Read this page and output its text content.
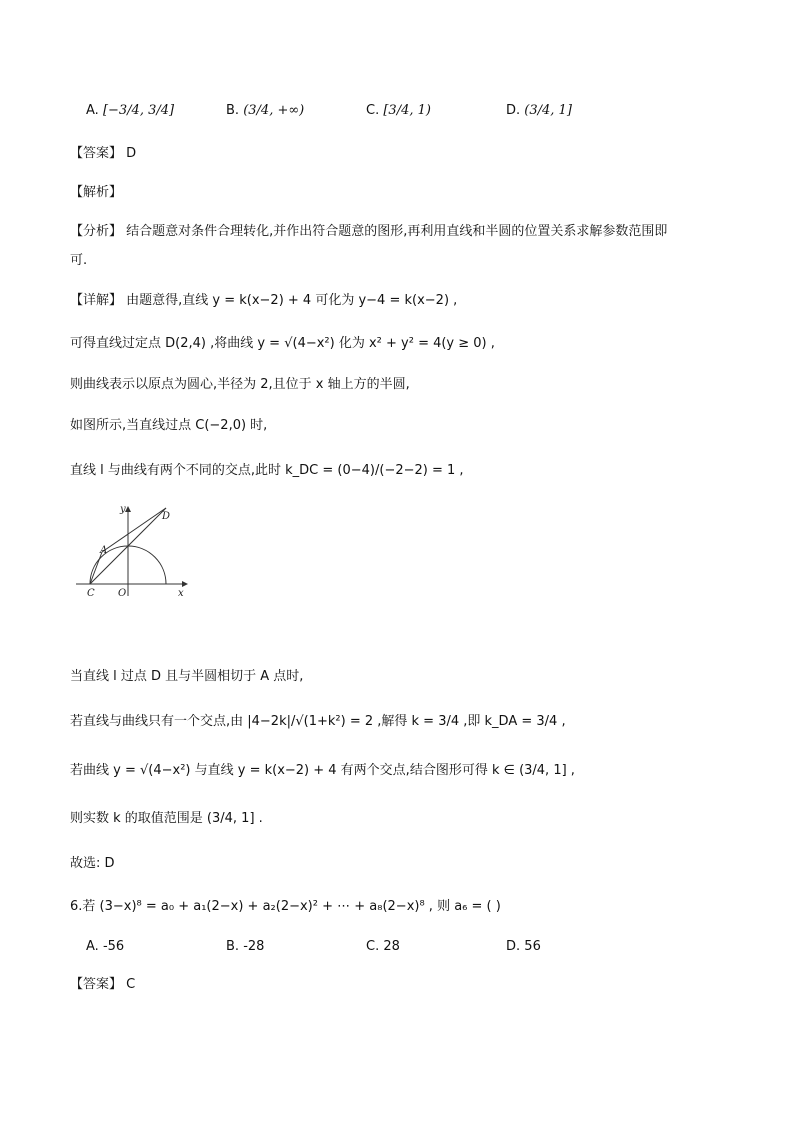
A. [−3/4, 3/4]	B. (3/4, +∞)	C. [3/4, 1)	D. (3/4, 1]
【答案】 D
【解析】
【分析】 结合题意对条件合理转化,并作出符合题意的图形,再利用直线和半圆的位置关系求解参数范围即
可.
【详解】 由题意得,直线 y = k(x−2) + 4 可化为 y−4 = k(x−2) ,
可得直线过定点 D(2,4) ,将曲线 y = √(4−x²) 化为 x² + y² = 4(y ≥ 0) ,
则曲线表示以原点为圆心,半径为 2,且位于 x 轴上方的半圆,
如图所示,当直线过点 C(−2,0) 时,
直线 l 与曲线有两个不同的交点,此时 k_DC = (0−4)/(−2−2) = 1 ,
y
D
A
C O	x
当直线 l 过点 D 且与半圆相切于 A 点时,
若直线与曲线只有一个交点,由 |4−2k|/√(1+k²) = 2 ,解得 k = 3/4 ,即 k_DA = 3/4 ,
若曲线 y = √(4−x²) 与直线 y = k(x−2) + 4 有两个交点,结合图形可得 k ∈ (3/4, 1] ,
则实数 k 的取值范围是 (3/4, 1] .
故选: D
6.若 (3−x)⁸ = a₀ + a₁(2−x) + a₂(2−x)² + ⋯ + a₈(2−x)⁸ , 则 a₆ = ( )
A. -56	B. -28	C. 28	D. 56
【答案】 C
